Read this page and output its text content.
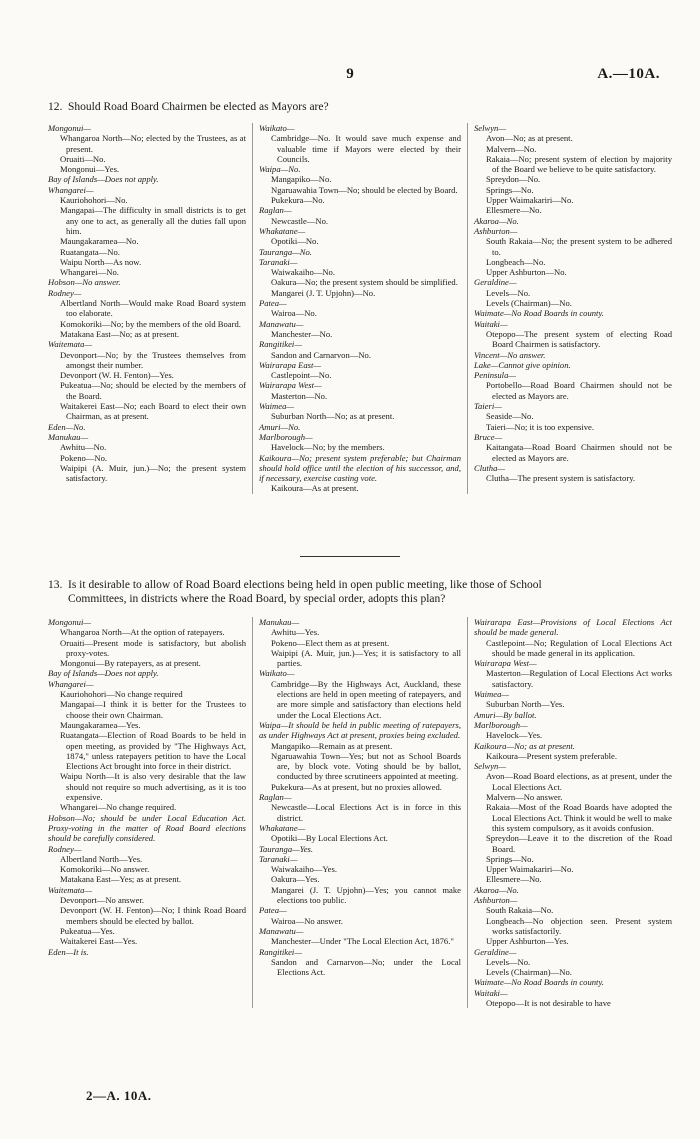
9	A.—10A.
12. Should Road Board Chairmen be elected as Mayors are?

Mongonui—

Whangaroa North—No; elected by the Trustees, as at present.

Oruaiti—No.

Mongonui—Yes.

Bay of Islands—Does not apply.

Whangarei—

Kauriohohori—No.

Mangapai—The difficulty in small districts is to get any one to act, as generally all the duties fall upon him.

Maungakaramea—No.

Ruatangata—No.

Waipu North—As now.

Whangarei—No.

Hobson—No answer.

Rodney—

Albertland North—Would make Road Board system too elaborate.

Komokoriki—No; by the members of the old Board.

Matakana East—No; as at present.

Waitemata—

Devonport—No; by the Trustees themselves from amongst their number.

Devonport (W. H. Fenton)—Yes.

Pukeatua—No; should be elected by the members of the Board.

Waitakerei East—No; each Board to elect their own Chairman, as at present.

Eden—No.

Manukau—

Awhitu—No.

Pokeno—No.

Waipipi (A. Muir, jun.)—No; the present system satisfactory.

Waikato—

Cambridge—No. It would save much expense and valuable time if Mayors were elected by their Councils.

Waipa—No.

Mangapiko—No.

Ngaruawahia Town—No; should be elected by Board.

Pukekura—No.

Raglan—

Newcastle—No.

Whakatane—

Opotiki—No.

Tauranga—No.

Taranaki—

Waiwakaiho—No.

Oakura—No; the present system should be simplified.

Mangarei (J. T. Upjohn)—No.

Patea—

Wairoa—No.

Manawatu—

Manchester—No.

Rangitikei—

Sandon and Carnarvon—No.

Wairarapa East—

Castlepoint—No.

Wairarapa West—

Masterton—No.

Waimea—

Suburban North—No; as at present.

Amuri—No.

Marlborough—

Havelock—No; by the members.

Kaikoura—No; present system preferable; but Chairman should hold office until the election of his successor, and, if necessary, exercise casting vote.

Kaikoura—As at present.

Selwyn—

Avon—No; as at present.

Malvern—No.

Rakaia—No; present system of election by majority of the Board we believe to be quite satisfactory.

Spreydon—No.

Springs—No.

Upper Waimakariri—No.

Ellesmere—No.

Akaroa—No.

Ashburton—

South Rakaia—No; the present system to be adhered to.

Longbeach—No.

Upper Ashburton—No.

Geraldine—

Levels—No.

Levels (Chairman)—No.

Waimate—No Road Boards in county.

Waitaki—

Otepopo—The present system of electing Road Board Chairmen is satisfactory.

Vincent—No answer.

Lake—Cannot give opinion.

Peninsula—

Portobello—Road Board Chairmen should not be elected as Mayors are.

Taieri—

Seaside—No.

Taieri—No; it is too expensive.

Bruce—

Kaitangata—Road Board Chairmen should not be elected as Mayors are.

Clutha—

Clutha—The present system is satisfactory.

13. Is it desirable to allow of Road Board elections being held in open public meeting, like those of School
Committees, in districts where the Road Board, by special order, adopts this plan?

Mongonui—

Whangaroa North—At the option of ratepayers.

Oruaiti—Present mode is satisfactory, but abolish proxy-votes.

Mongonui—By ratepayers, as at present.

Bay of Islands—Does not apply.

Whangarei—

Kauriohohori—No change required

Mangapai—I think it is better for the Trustees to choose their own Chairman.

Maungakaramea—Yes.

Ruatangata—Election of Road Boards to be held in open meeting, as provided by "The Highways Act, 1874," unless ratepayers petition to have the Local Elections Act brought into force in their district.

Waipu North—It is also very desirable that the law should not require so much advertising, as it is too expensive.

Whangarei—No change required.

Hobson—No; should be under Local Education Act. Proxy-voting in the matter of Road Board elections should be carefully considered.

Rodney—

Albertland North—Yes.

Komokoriki—No answer.

Matakana East—Yes; as at present.

Waitemata—

Devonport—No answer.

Devonport (W. H. Fenton)—No; I think Road Board members should be elected by ballot.

Pukeatua—Yes.

Waitakerei East—Yes.

Eden—It is.

Manukau—

Awhitu—Yes.

Pokeno—Elect them as at present.

Waipipi (A. Muir, jun.)—Yes; it is satisfactory to all parties.

Waikato—

Cambridge—By the Highways Act, Auckland, these elections are held in open meeting of ratepayers, and are more simple and satisfactory than elections held under the Local Elections Act.

Waipa—It should be held in public meeting of ratepayers, as under Highways Act at present, proxies being excluded.

Mangapiko—Remain as at present.

Ngaruawahia Town—Yes; but not as School Boards are, by block vote. Voting should be by ballot, conducted by three scrutineers appointed at meeting.

Pukekura—As at present, but no proxies allowed.

Raglan—

Newcastle—Local Elections Act is in force in this district.

Whakatane—

Opotiki—By Local Elections Act.

Tauranga—Yes.

Taranaki—

Waiwakaiho—Yes.

Oakura—Yes.

Mangarei (J. T. Upjohn)—Yes; you cannot make elections too public.

Patea—

Wairoa—No answer.

Manawatu—

Manchester—Under "The Local Election Act, 1876."

Rangitikei—

Sandon and Carnarvon—No; under the Local Elections Act.

Wairarapa East—Provisions of Local Elections Act should be made general.

Castlepoint—No; Regulation of Local Elections Act should be made general in its application.

Wairarapa West—

Masterton—Regulation of Local Elections Act works satisfactory.

Waimea—

Suburban North—Yes.

Amuri—By ballot.

Marlborough—

Havelock—Yes.

Kaikoura—No; as at present.

Kaikoura—Present system preferable.

Selwyn—

Avon—Road Board elections, as at present, under the Local Elections Act.

Malvern—No answer.

Rakaia—Most of the Road Boards have adopted the Local Elections Act. Think it would be well to make this system compulsory, as it avoids confusion.

Spreydon—Leave it to the discretion of the Road Board.

Springs—No.

Upper Waimakariri—No.

Ellesmere—No.

Akaroa—No.

Ashburton—

South Rakaia—No.

Longbeach—No objection seen. Present system works satisfactorily.

Upper Ashburton—Yes.

Geraldine—

Levels—No.

Levels (Chairman)—No.

Waimate—No Road Boards in county.

Waitaki—

Otepopo—It is not desirable to have

2—A. 10A.
